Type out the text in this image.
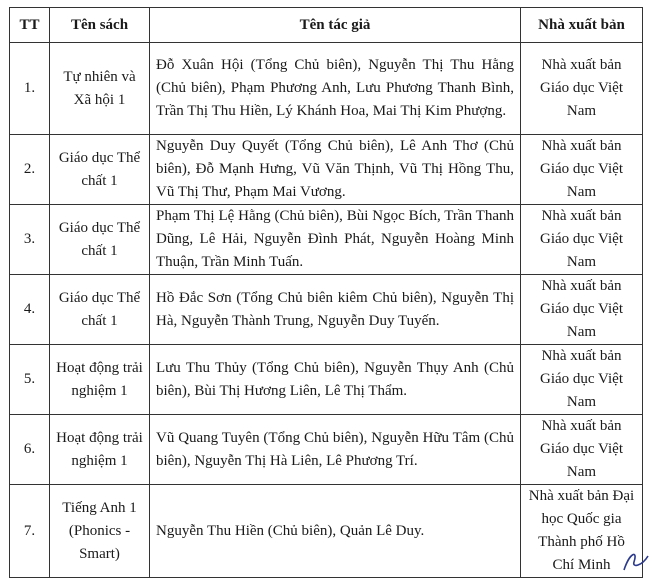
TT	Tên sách	Tên tác giả	Nhà xuất bản
1.	Tự nhiên và Xã hội 1	Đỗ Xuân Hội (Tổng Chủ biên), Nguyễn Thị Thu Hằng (Chủ biên), Phạm Phương Anh, Lưu Phương Thanh Bình, Trần Thị Thu Hiền, Lý Khánh Hoa, Mai Thị Kim Phượng.	Nhà xuất bản Giáo dục Việt Nam
2.	Giáo dục Thể chất 1	Nguyễn Duy Quyết (Tổng Chủ biên), Lê Anh Thơ (Chủ biên), Đỗ Mạnh Hưng, Vũ Văn Thịnh, Vũ Thị Hồng Thu, Vũ Thị Thư, Phạm Mai Vương.	Nhà xuất bản Giáo dục Việt Nam
3.	Giáo dục Thể chất 1	Phạm Thị Lệ Hằng (Chủ biên), Bùi Ngọc Bích, Trần Thanh Dũng, Lê Hải, Nguyễn Đình Phát, Nguyễn Hoàng Minh Thuận, Trần Minh Tuấn.	Nhà xuất bản Giáo dục Việt Nam
4.	Giáo dục Thể chất 1	Hồ Đắc Sơn (Tổng Chủ biên kiêm Chủ biên), Nguyễn Thị Hà, Nguyễn Thành Trung, Nguyễn Duy Tuyến.	Nhà xuất bản Giáo dục Việt Nam
5.	Hoạt động trải nghiệm 1	Lưu Thu Thủy (Tổng Chủ biên), Nguyễn Thụy Anh (Chủ biên), Bùi Thị Hương Liên, Lê Thị Thẩm.	Nhà xuất bản Giáo dục Việt Nam
6.	Hoạt động trải nghiệm 1	Vũ Quang Tuyên (Tổng Chủ biên), Nguyễn Hữu Tâm (Chủ biên), Nguyễn Thị Hà Liên, Lê Phương Trí.	Nhà xuất bản Giáo dục Việt Nam
7.	Tiếng Anh 1 (Phonics - Smart)	Nguyễn Thu Hiền (Chủ biên), Quản Lê Duy.	Nhà xuất bản Đại học Quốc gia Thành phố Hồ Chí Minh
